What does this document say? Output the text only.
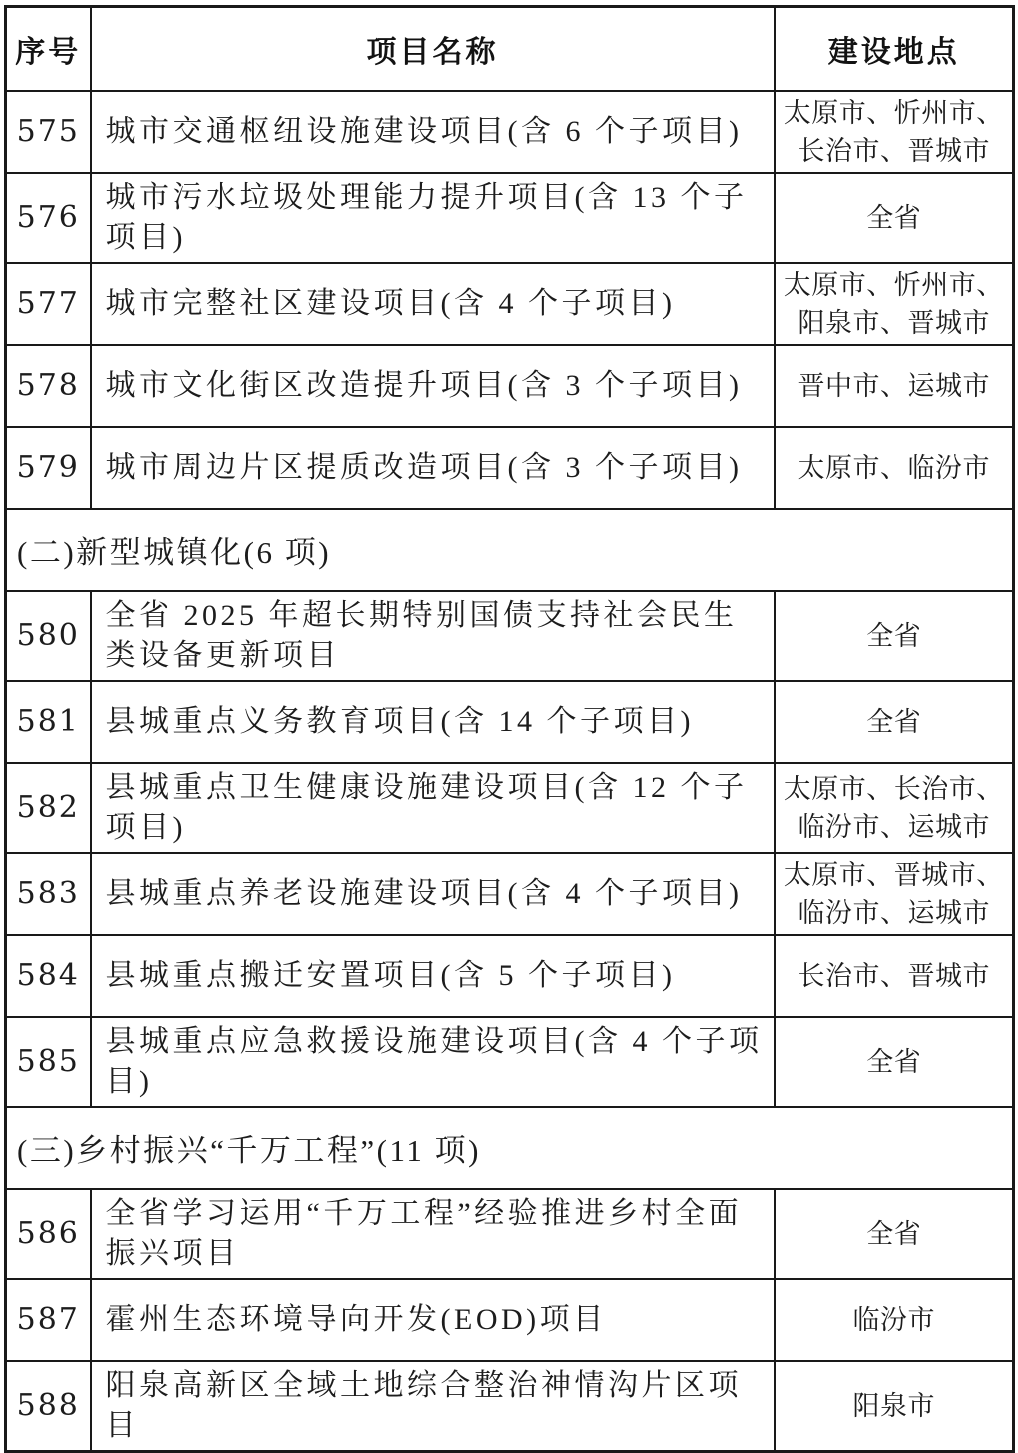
序号	项目名称	建设地点
575	城市交通枢纽设施建设项目(含 6 个子项目)	太原市、忻州市、长治市、晋城市
576	城市污水垃圾处理能力提升项目(含 13 个子项目)	全省
577	城市完整社区建设项目(含 4 个子项目)	太原市、忻州市、阳泉市、晋城市
578	城市文化街区改造提升项目(含 3 个子项目)	晋中市、运城市
579	城市周边片区提质改造项目(含 3 个子项目)	太原市、临汾市
(二)新型城镇化(6 项)		
580	全省 2025 年超长期特别国债支持社会民生类设备更新项目	全省
581	县城重点义务教育项目(含 14 个子项目)	全省
582	县城重点卫生健康设施建设项目(含 12 个子项目)	太原市、长治市、临汾市、运城市
583	县城重点养老设施建设项目(含 4 个子项目)	太原市、晋城市、临汾市、运城市
584	县城重点搬迁安置项目(含 5 个子项目)	长治市、晋城市
585	县城重点应急救援设施建设项目(含 4 个子项目)	全省
(三)乡村振兴“千万工程”(11 项)		
586	全省学习运用“千万工程”经验推进乡村全面振兴项目	全省
587	霍州生态环境导向开发(EOD)项目	临汾市
588	阳泉高新区全域土地综合整治神情沟片区项目	阳泉市
